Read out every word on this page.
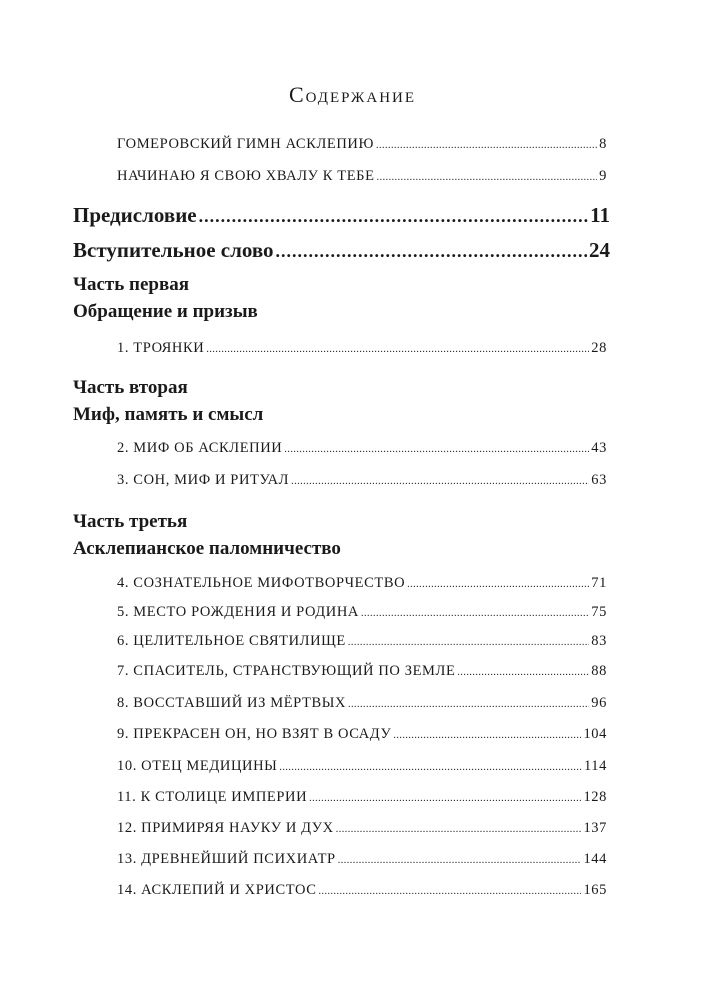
Содержание
ГОМЕРОВСКИЙ ГИМН АСКЛЕПИЮ .....	8
НАЧИНАЮ Я СВОЮ ХВАЛУ К ТЕБЕ .....	9
Предисловие .....	11
Вступительное слово .....	24
Часть первая
Обращение и призыв
1. ТРОЯНКИ .....	28
Часть вторая
Миф, память и смысл
2. МИФ ОБ АСКЛЕПИИ .....	43
3. СОН, МИФ И РИТУАЛ .....	63
Часть третья
Асклепианское паломничество
4. СОЗНАТЕЛЬНОЕ МИФОТВОРЧЕСТВО .....	71
5. МЕСТО РОЖДЕНИЯ И РОДИНА .....	75
6. ЦЕЛИТЕЛЬНОЕ СВЯТИЛИЩЕ .....	83
7. СПАСИТЕЛЬ, СТРАНСТВУЮЩИЙ ПО ЗЕМЛЕ .....	88
8. ВОССТАВШИЙ ИЗ МЁРТВЫХ .....	96
9. ПРЕКРАСЕН ОН, НО ВЗЯТ В ОСАДУ .....	104
10. ОТЕЦ МЕДИЦИНЫ .....	114
11. К СТОЛИЦЕ ИМПЕРИИ .....	128
12. ПРИМИРЯЯ НАУКУ И ДУХ .....	137
13. ДРЕВНЕЙШИЙ ПСИХИАТР .....	144
14. АСКЛЕПИЙ И ХРИСТОС .....	165
